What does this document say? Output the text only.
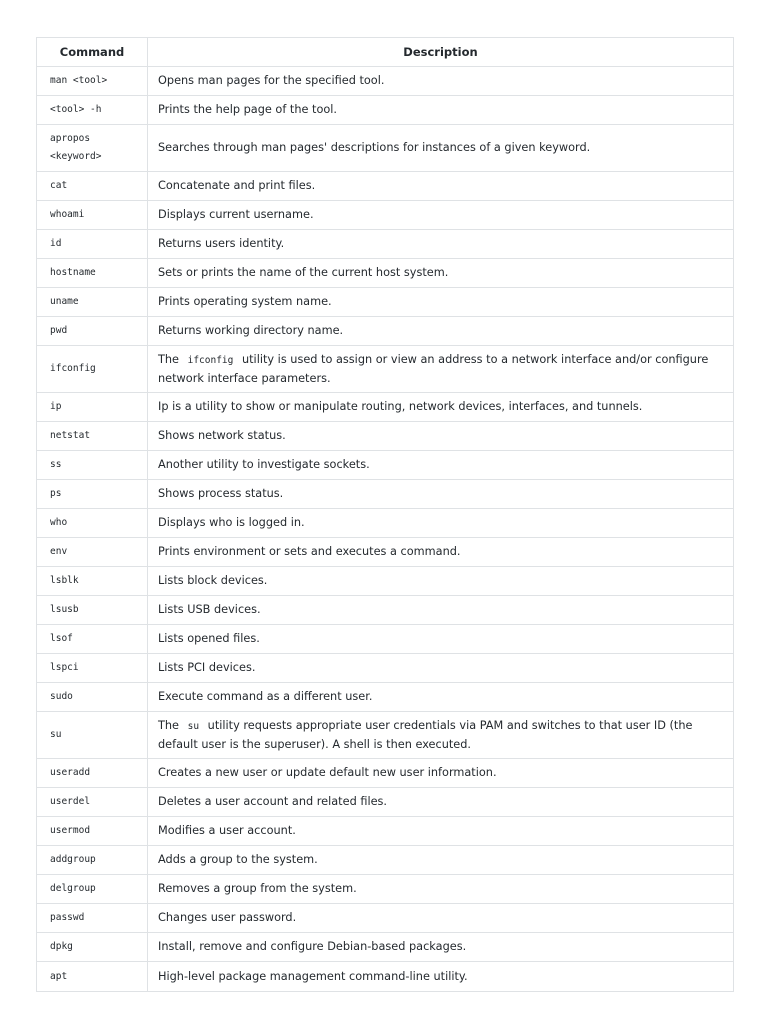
Command	Description
man <tool>	Opens man pages for the specified tool.
<tool> -h	Prints the help page of the tool.
apropos <keyword>	Searches through man pages' descriptions for instances of a given keyword.
cat	Concatenate and print files.
whoami	Displays current username.
id	Returns users identity.
hostname	Sets or prints the name of the current host system.
uname	Prints operating system name.
pwd	Returns working directory name.
ifconfig	The ifconfig utility is used to assign or view an address to a network interface and/or configure network interface parameters.
ip	Ip is a utility to show or manipulate routing, network devices, interfaces, and tunnels.
netstat	Shows network status.
ss	Another utility to investigate sockets.
ps	Shows process status.
who	Displays who is logged in.
env	Prints environment or sets and executes a command.
lsblk	Lists block devices.
lsusb	Lists USB devices.
lsof	Lists opened files.
lspci	Lists PCI devices.
sudo	Execute command as a different user.
su	The su utility requests appropriate user credentials via PAM and switches to that user ID (the default user is the superuser). A shell is then executed.
useradd	Creates a new user or update default new user information.
userdel	Deletes a user account and related files.
usermod	Modifies a user account.
addgroup	Adds a group to the system.
delgroup	Removes a group from the system.
passwd	Changes user password.
dpkg	Install, remove and configure Debian-based packages.
apt	High-level package management command-line utility.
